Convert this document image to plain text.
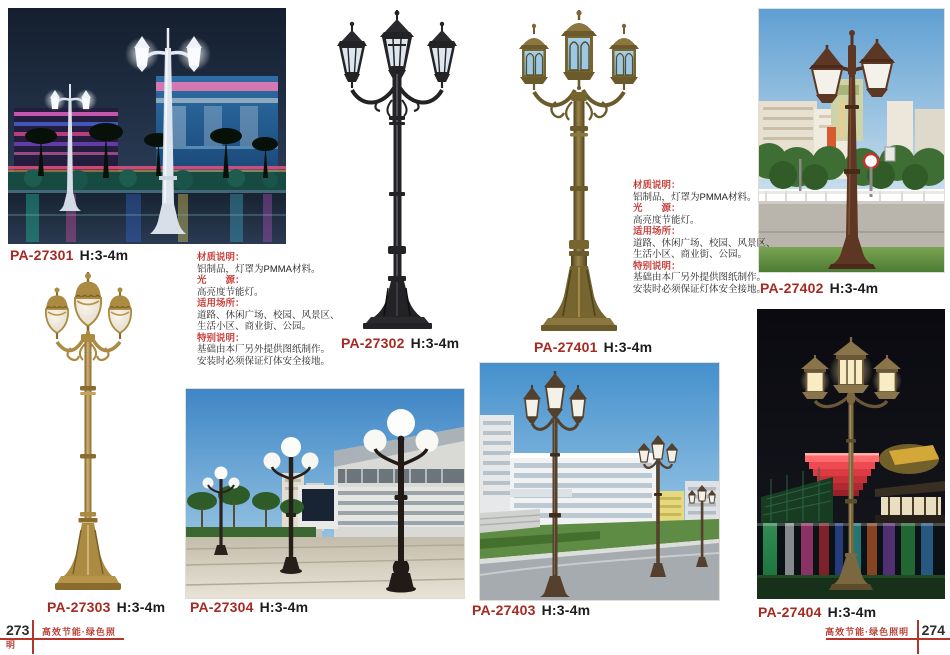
PA-27301 H:3-4m
PA-27302 H:3-4m	PA-27401 H:3-4m
PA-27402 H:3-4m
PA-27303 H:3-4m PA-27304 H:3-4m	PA-27403 H:3-4m	PA-27404 H:3-4m
材质说明：
铝制品，灯罩为PMMA材料。
光　　源：
高亮度节能灯。
适用场所：
道路、休闲广场、校园、风景区、
生活小区、商业街、公园。
特别说明：
基础由本厂另外提供图纸制作。
安装时必须保证灯体安全接地。
材质说明：
铝制品，灯罩为PMMA材料。
光　　源：
高亮度节能灯。
适用场所：
道路、休闲广场、校园、风景区、
生活小区、商业街、公园。
特别说明：
基础由本厂另外提供图纸制作。
安装时必须保证灯体安全接地。
273 高效节能·绿色照明
高效节能·绿色照明 274
